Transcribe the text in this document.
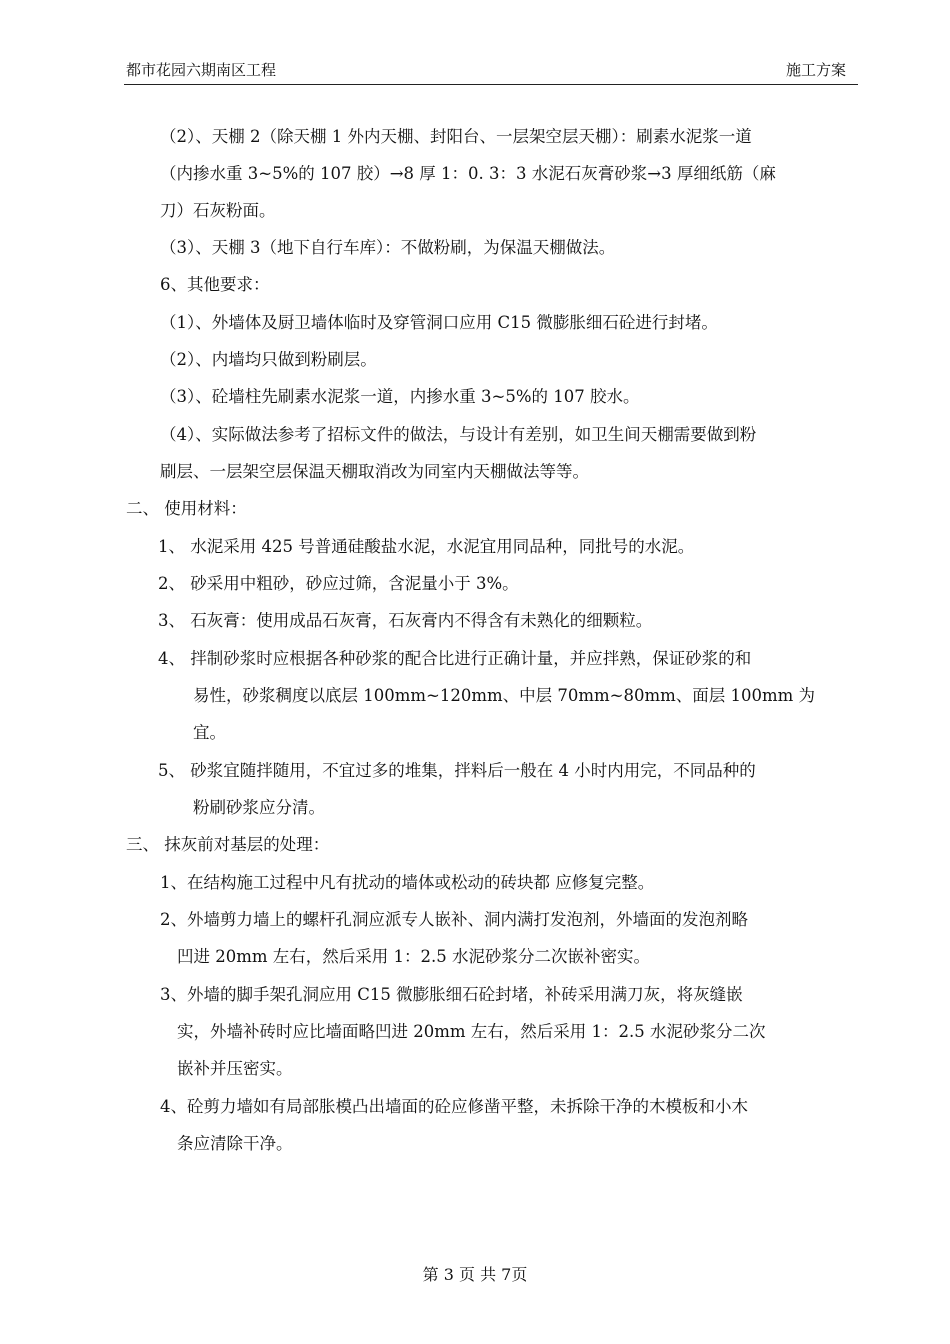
都市花园六期南区工程	施工方案
（2）、天棚 2（除天棚 1 外内天棚、封阳台、一层架空层天棚）：刷素水泥浆一道
（内掺水重 3~5%的 107 胶）→8 厚 1：0. 3：3 水泥石灰膏砂浆→3 厚细纸筋（麻
刀）石灰粉面。
（3）、天棚 3（地下自行车库）：不做粉刷，为保温天棚做法。
6、其他要求：
（1）、外墙体及厨卫墙体临时及穿管洞口应用 C15 微膨胀细石砼进行封堵。
（2）、内墙均只做到粉刷层。
（3）、砼墙柱先刷素水泥浆一道，内掺水重 3~5%的 107 胶水。
（4）、实际做法参考了招标文件的做法，与设计有差别，如卫生间天棚需要做到粉
刷层、一层架空层保温天棚取消改为同室内天棚做法等等。
二、 使用材料：
1、 水泥采用 425 号普通硅酸盐水泥，水泥宜用同品种，同批号的水泥。
2、 砂采用中粗砂，砂应过筛，含泥量小于 3%。
3、 石灰膏：使用成品石灰膏，石灰膏内不得含有未熟化的细颗粒。
4、 拌制砂浆时应根据各种砂浆的配合比进行正确计量，并应拌熟，保证砂浆的和
易性，砂浆稠度以底层 100mm~120mm、中层 70mm~80mm、面层 100mm 为
宜。
5、 砂浆宜随拌随用，不宜过多的堆集，拌料后一般在 4 小时内用完，不同品种的
粉刷砂浆应分清。
三、 抹灰前对基层的处理：
1、在结构施工过程中凡有扰动的墙体或松动的砖块都 应修复完整。
2、外墙剪力墙上的螺杆孔洞应派专人嵌补、洞内满打发泡剂，外墙面的发泡剂略
凹进 20mm 左右，然后采用 1：2.5 水泥砂浆分二次嵌补密实。
3、外墙的脚手架孔洞应用 C15 微膨胀细石砼封堵，补砖采用满刀灰，将灰缝嵌
实，外墙补砖时应比墙面略凹进 20mm 左右，然后采用 1：2.5 水泥砂浆分二次
嵌补并压密实。
4、砼剪力墙如有局部胀模凸出墙面的砼应修凿平整，未拆除干净的木模板和小木
条应清除干净。
第 3 页 共 7页
